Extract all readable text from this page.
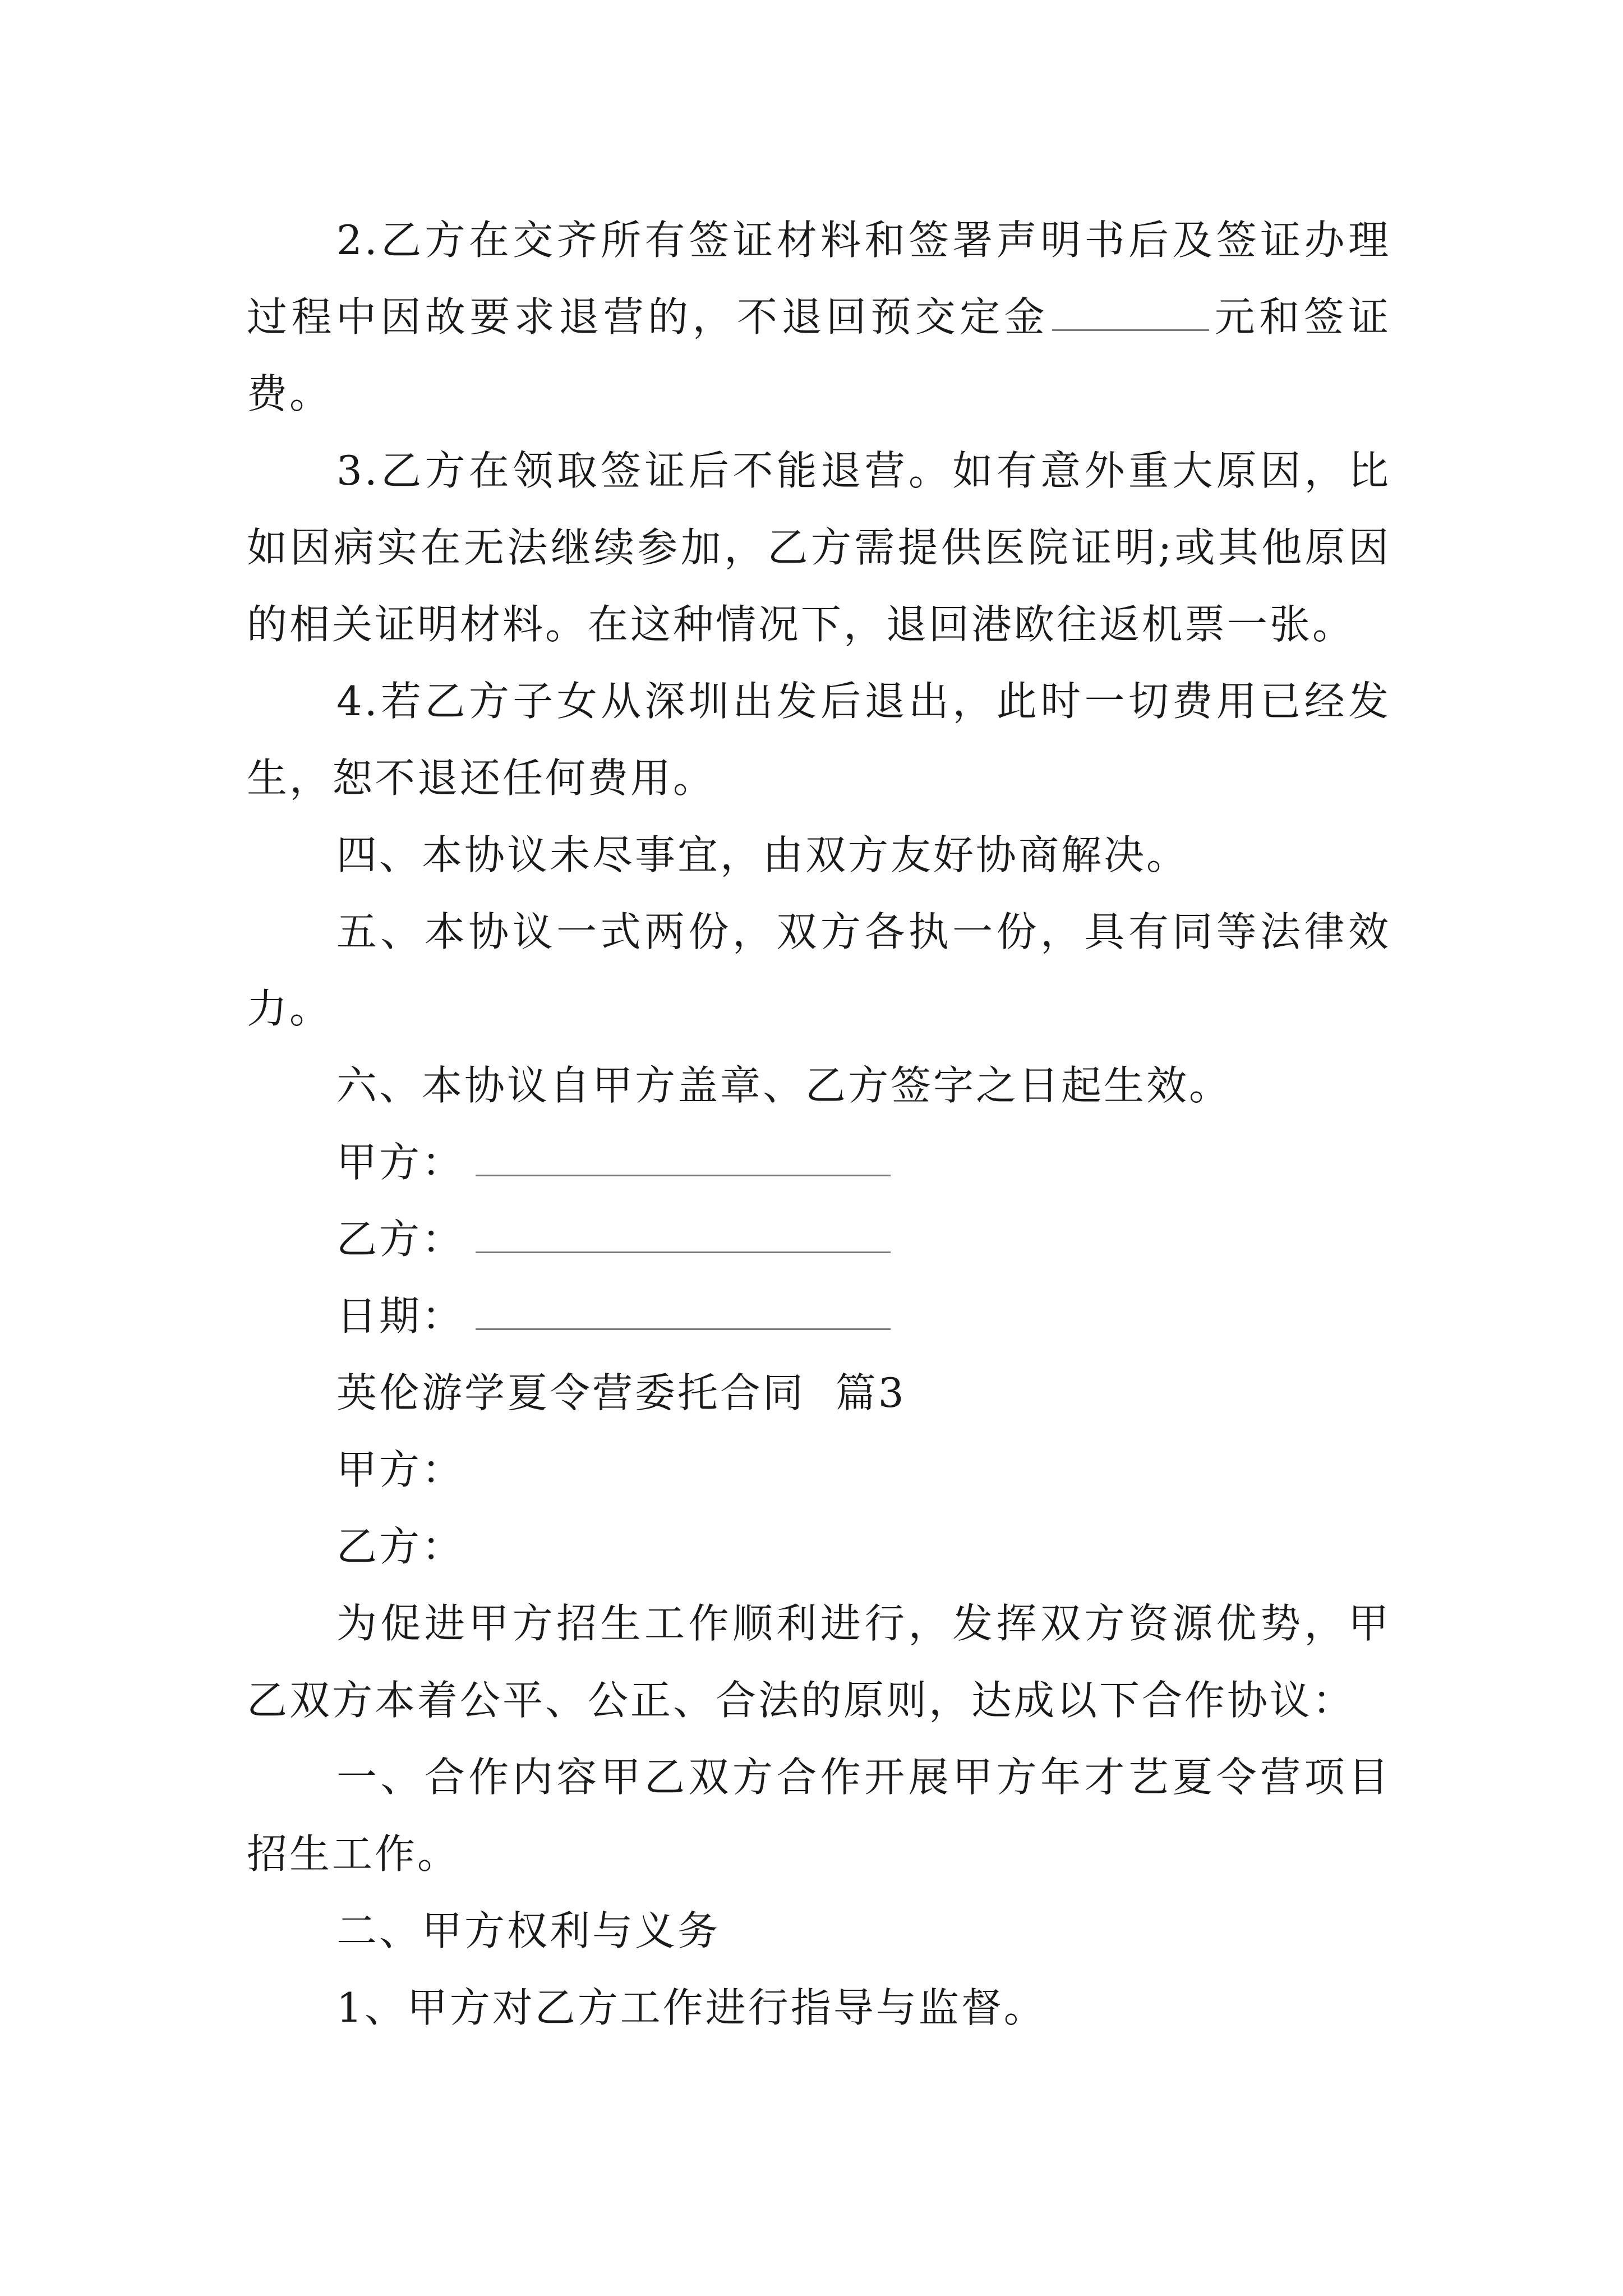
2.乙方在交齐所有签证材料和签署声明书后及签证办理过程中因故要求退营的，不退回预交定金	元和签证费。

3.乙方在领取签证后不能退营。如有意外重大原因，比如因病实在无法继续参加，乙方需提供医院证明;或其他原因的相关证明材料。在这种情况下，退回港欧往返机票一张。

4.若乙方子女从深圳出发后退出，此时一切费用已经发生，恕不退还任何费用。

四、本协议未尽事宜，由双方友好协商解决。

五、本协议一式两份，双方各执一份，具有同等法律效力。

六、本协议自甲方盖章、乙方签字之日起生效。

甲方：
乙方：
日期：

英伦游学夏令营委托合同  篇3

甲方：

乙方：

为促进甲方招生工作顺利进行，发挥双方资源优势，甲乙双方本着公平、公正、合法的原则，达成以下合作协议：

一、合作内容甲乙双方合作开展甲方年才艺夏令营项目招生工作。

二、甲方权利与义务

1、甲方对乙方工作进行指导与监督。
